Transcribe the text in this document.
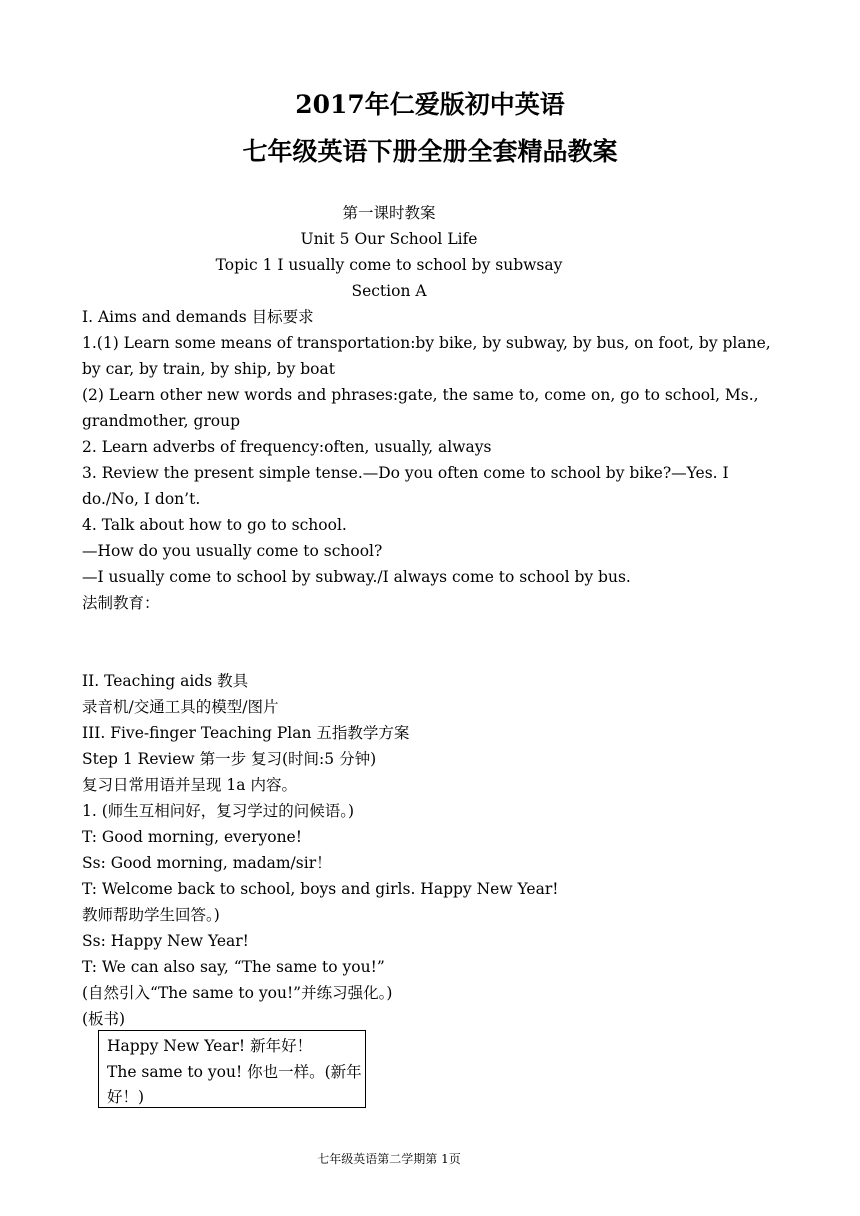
2017年仁爱版初中英语
七年级英语下册全册全套精品教案
第一课时教案
Unit 5 Our School Life
Topic 1 I usually come to school by subwsay
Section A
I. Aims and demands 目标要求
1.(1) Learn some means of transportation:by bike, by subway, by bus, on foot, by plane,
by car, by train, by ship, by boat
(2) Learn other new words and phrases:gate, the same to, come on, go to school, Ms.,
grandmother, group
2. Learn adverbs of frequency:often, usually, always
3. Review the present simple tense.—Do you often come to school by bike?—Yes. I
do./No, I don’t.
4. Talk about how to go to school.
—How do you usually come to school?
—I usually come to school by subway./I always come to school by bus.
法制教育：
II. Teaching aids 教具
录音机/交通工具的模型/图片
III. Five-finger Teaching Plan 五指教学方案
Step 1 Review 第一步 复习(时间:5 分钟)
复习日常用语并呈现 1a 内容。
1. (师生互相问好，复习学过的问候语。)
T: Good morning, everyone!
Ss: Good morning, madam/sir！
T: Welcome back to school, boys and girls. Happy New Year!
教师帮助学生回答。)
Ss: Happy New Year!
T: We can also say, “The same to you!”
(自然引入“The same to you!”并练习强化。)
(板书)
Happy New Year! 新年好！
The same to you! 你也一样。(新年
好！)
七年级英语第二学期第 1页
